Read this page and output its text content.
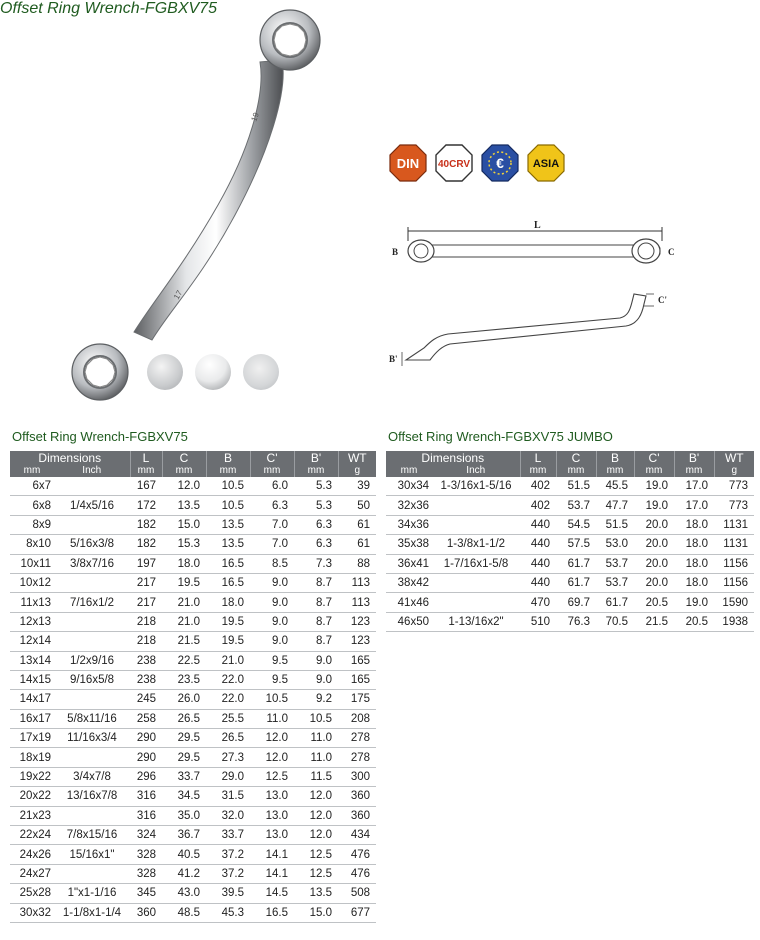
19
17
Offset Ring Wrench-FGBXV75
DIN 40CRV €	ASIA
L
B	C
C'
B'
Offset Ring Wrench-FGBXV75
Dimensions		L	C	B	C'	B'	WT
mm	Inch	mm	mm	mm	mm	mm	g
6x7		167	12.0	10.5	6.0	5.3	39
6x8	1/4x5/16	172	13.5	10.5	6.3	5.3	50
8x9		182	15.0	13.5	7.0	6.3	61
8x10	5/16x3/8	182	15.3	13.5	7.0	6.3	61
10x11	3/8x7/16	197	18.0	16.5	8.5	7.3	88
10x12		217	19.5	16.5	9.0	8.7	113
11x13	7/16x1/2	217	21.0	18.0	9.0	8.7	113
12x13		218	21.0	19.5	9.0	8.7	123
12x14		218	21.5	19.5	9.0	8.7	123
13x14	1/2x9/16	238	22.5	21.0	9.5	9.0	165
14x15	9/16x5/8	238	23.5	22.0	9.5	9.0	165
14x17		245	26.0	22.0	10.5	9.2	175
16x17	5/8x11/16	258	26.5	25.5	11.0	10.5	208
17x19	11/16x3/4	290	29.5	26.5	12.0	11.0	278
18x19		290	29.5	27.3	12.0	11.0	278
19x22	3/4x7/8	296	33.7	29.0	12.5	11.5	300
20x22	13/16x7/8	316	34.5	31.5	13.0	12.0	360
21x23		316	35.0	32.0	13.0	12.0	360
22x24	7/8x15/16	324	36.7	33.7	13.0	12.0	434
24x26	15/16x1"	328	40.5	37.2	14.1	12.5	476
24x27		328	41.2	37.2	14.1	12.5	476
25x28	1"x1-1/16	345	43.0	39.5	14.5	13.5	508
30x32	1-1/8x1-1/4	360	48.5	45.3	16.5	15.0	677
Offset Ring Wrench-FGBXV75 JUMBO
Dimensions		L	C	B	C'	B'	WT
mm	Inch	mm	mm	mm	mm	mm	g
30x34	1-3/16x1-5/16	402	51.5	45.5	19.0	17.0	773
32x36		402	53.7	47.7	19.0	17.0	773
34x36		440	54.5	51.5	20.0	18.0	1131
35x38	1-3/8x1-1/2	440	57.5	53.0	20.0	18.0	1131
36x41	1-7/16x1-5/8	440	61.7	53.7	20.0	18.0	1156
38x42		440	61.7	53.7	20.0	18.0	1156
41x46		470	69.7	61.7	20.5	19.0	1590
46x50	1-13/16x2"	510	76.3	70.5	21.5	20.5	1938
